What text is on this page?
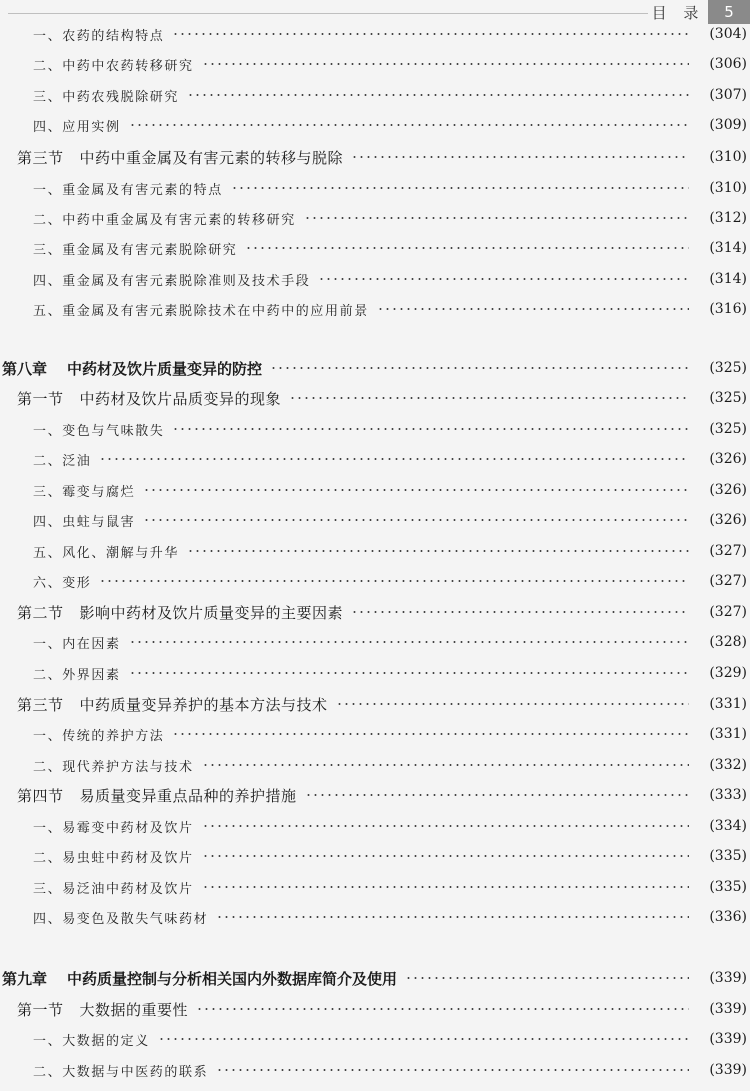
目 录	5
一、农药的结构特点	(304)
二、中药中农药转移研究	(306)
三、中药农残脱除研究	(307)
四、应用实例	(309)
第三节 中药中重金属及有害元素的转移与脱除	(310)
一、重金属及有害元素的特点	(310)
二、中药中重金属及有害元素的转移研究	(312)
三、重金属及有害元素脱除研究	(314)
四、重金属及有害元素脱除准则及技术手段	(314)
五、重金属及有害元素脱除技术在中药中的应用前景	(316)
第八章 中药材及饮片质量变异的防控	(325)
第一节 中药材及饮片品质变异的现象	(325)
一、变色与气味散失	(325)
二、泛油	(326)
三、霉变与腐烂	(326)
四、虫蛀与鼠害	(326)
五、风化、潮解与升华	(327)
六、变形	(327)
第二节 影响中药材及饮片质量变异的主要因素	(327)
一、内在因素	(328)
二、外界因素	(329)
第三节 中药质量变异养护的基本方法与技术	(331)
一、传统的养护方法	(331)
二、现代养护方法与技术	(332)
第四节 易质量变异重点品种的养护措施	(333)
一、易霉变中药材及饮片	(334)
二、易虫蛀中药材及饮片	(335)
三、易泛油中药材及饮片	(335)
四、易变色及散失气味药材	(336)
第九章 中药质量控制与分析相关国内外数据库简介及使用	(339)
第一节 大数据的重要性	(339)
一、大数据的定义	(339)
二、大数据与中医药的联系	(339)
